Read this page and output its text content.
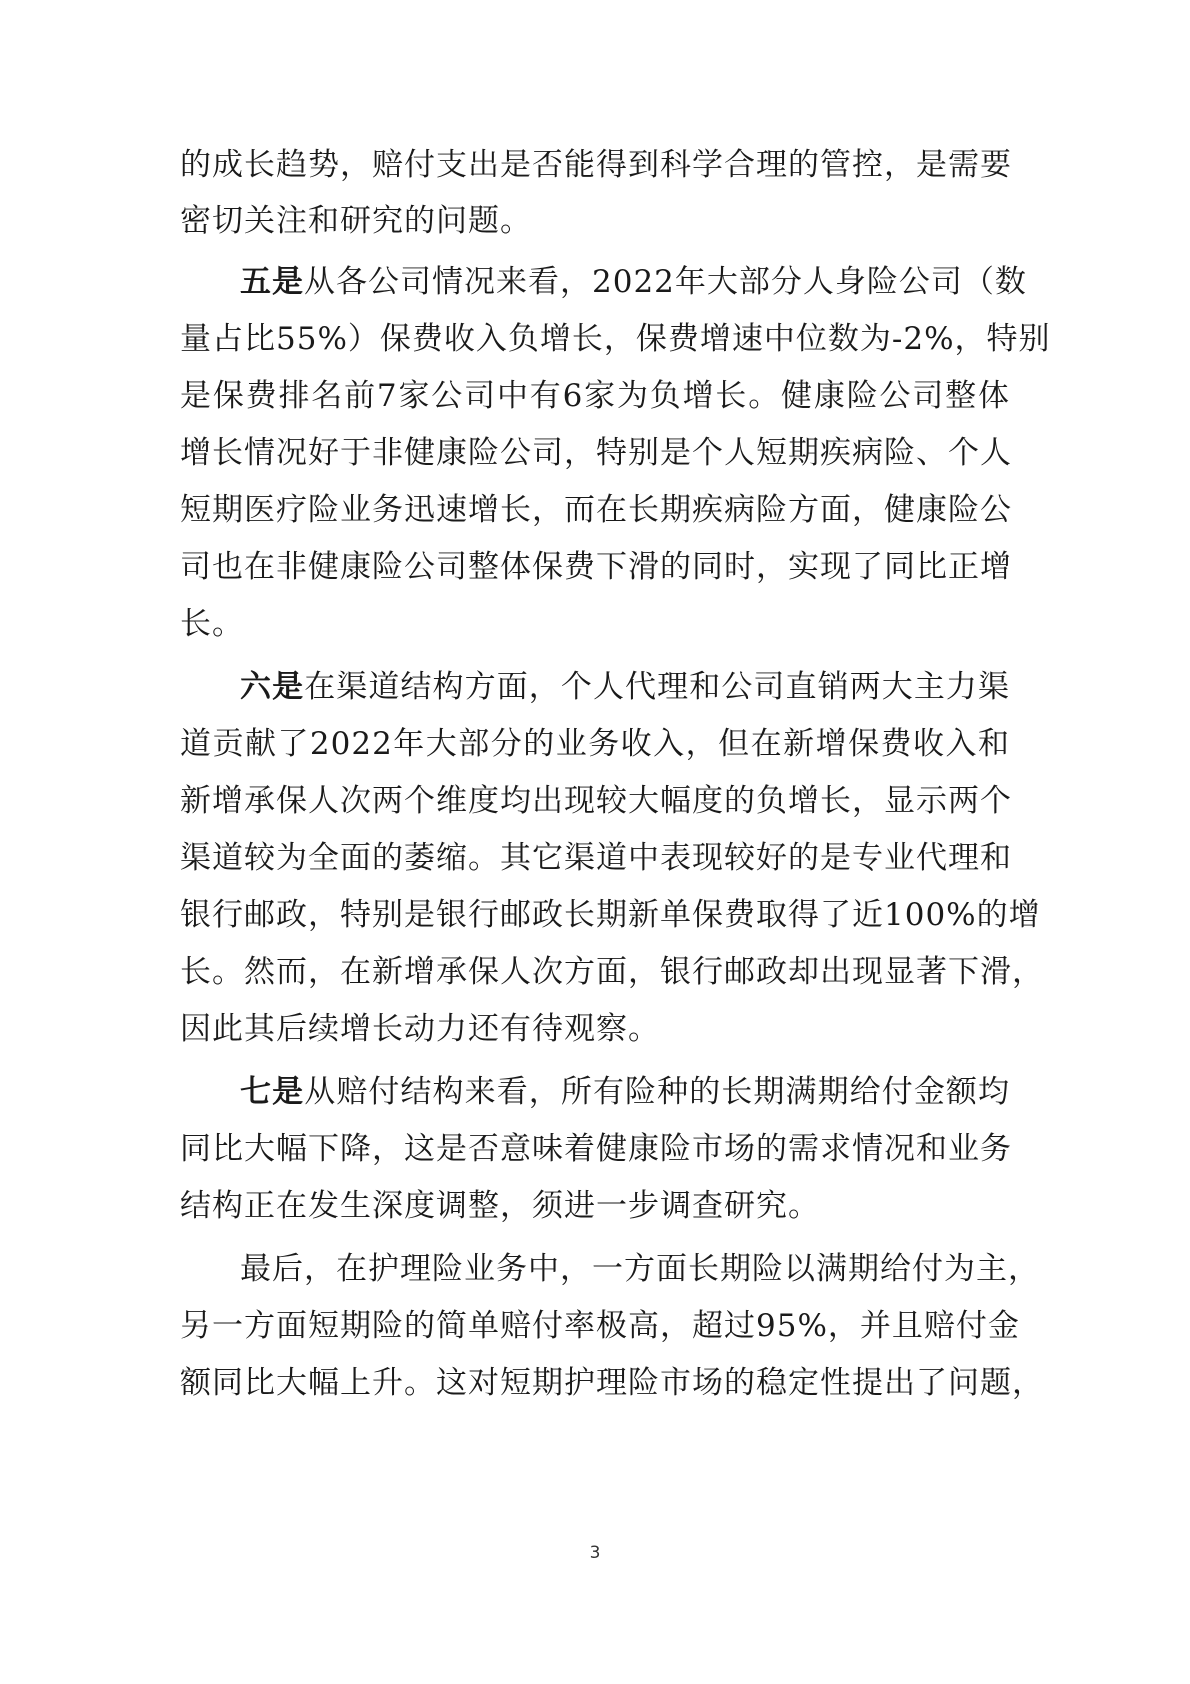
的成长趋势，赔付支出是否能得到科学合理的管控，是需要
密切关注和研究的问题。
五是从各公司情况来看，2022年大部分人身险公司（数
量占比55%）保费收入负增长，保费增速中位数为-2%，特别
是保费排名前7家公司中有6家为负增长。健康险公司整体
增长情况好于非健康险公司，特别是个人短期疾病险、个人
短期医疗险业务迅速增长，而在长期疾病险方面，健康险公
司也在非健康险公司整体保费下滑的同时，实现了同比正增
长。
六是在渠道结构方面，个人代理和公司直销两大主力渠
道贡献了2022年大部分的业务收入，但在新增保费收入和
新增承保人次两个维度均出现较大幅度的负增长，显示两个
渠道较为全面的萎缩。其它渠道中表现较好的是专业代理和
银行邮政，特别是银行邮政长期新单保费取得了近100%的增
长。然而，在新增承保人次方面，银行邮政却出现显著下滑，
因此其后续增长动力还有待观察。
七是从赔付结构来看，所有险种的长期满期给付金额均
同比大幅下降，这是否意味着健康险市场的需求情况和业务
结构正在发生深度调整，须进一步调查研究。
最后，在护理险业务中，一方面长期险以满期给付为主，
另一方面短期险的简单赔付率极高，超过95%，并且赔付金
额同比大幅上升。这对短期护理险市场的稳定性提出了问题，
3
